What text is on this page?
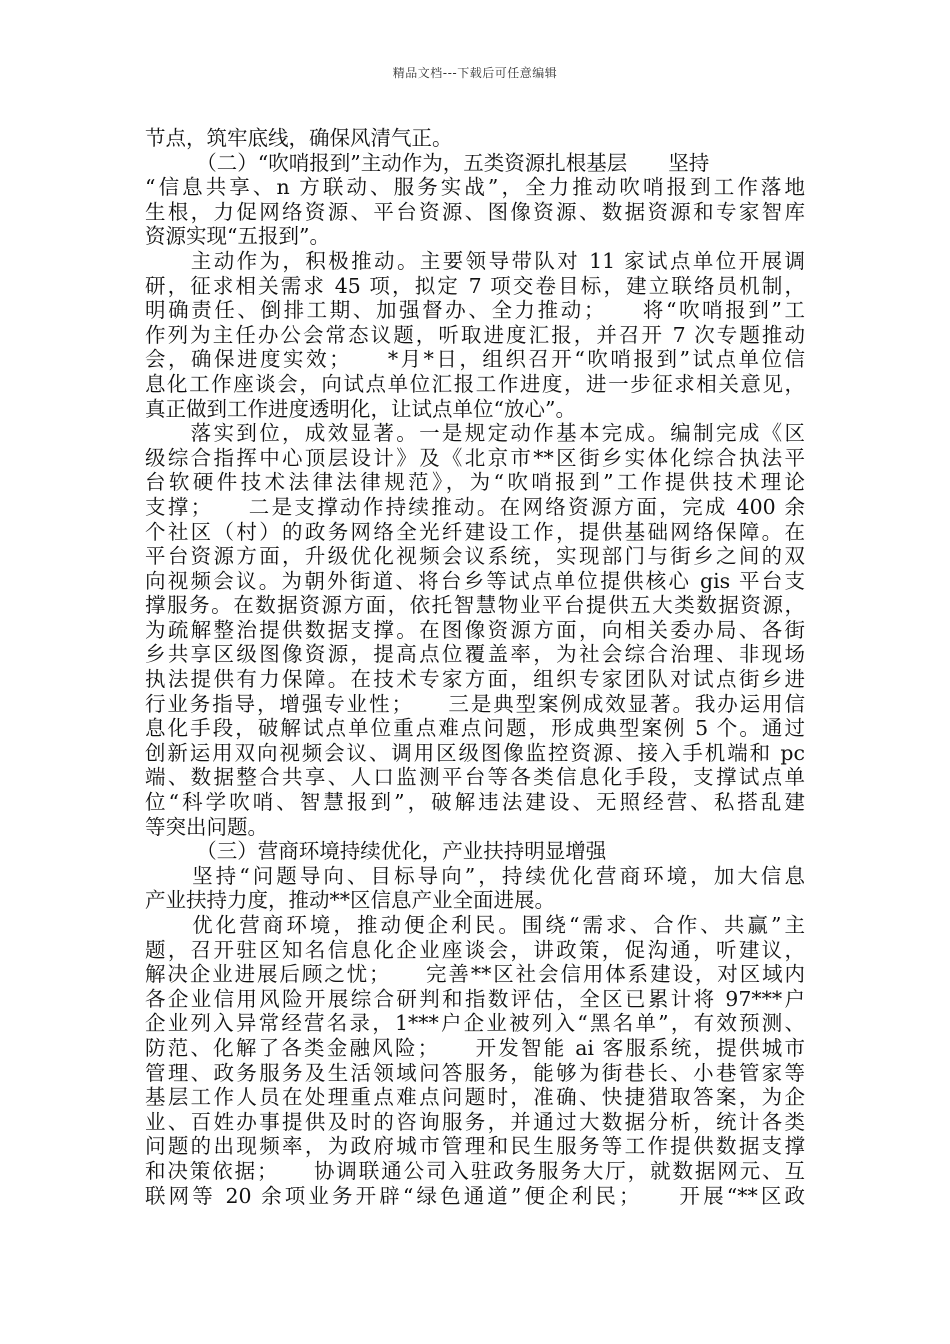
精品文档---下载后可任意编辑
节点，筑牢底线，确保风清气正。
　　　（二）“吹哨报到”主动作为，五类资源扎根基层　　坚持
“信息共享、n 方联动、服务实战”，全力推动吹哨报到工作落地
生根，力促网络资源、平台资源、图像资源、数据资源和专家智库
资源实现“五报到”。
　　主动作为，积极推动。主要领导带队对 11 家试点单位开展调
研，征求相关需求 45 项，拟定 7 项交卷目标，建立联络员机制，
明确责任、倒排工期、加强督办、全力推动；　　将“吹哨报到”工
作列为主任办公会常态议题，听取进度汇报，并召开 7 次专题推动
会，确保进度实效；　　*月*日，组织召开“吹哨报到”试点单位信
息化工作座谈会，向试点单位汇报工作进度，进一步征求相关意见，
真正做到工作进度透明化，让试点单位“放心”。
　　落实到位，成效显著。一是规定动作基本完成。编制完成《区
级综合指挥中心顶层设计》及《北京市**区街乡实体化综合执法平
台软硬件技术法律法律规范》，为“吹哨报到”工作提供技术理论
支撑；　　二是支撑动作持续推动。在网络资源方面，完成 400 余
个社区（村）的政务网络全光纤建设工作，提供基础网络保障。在
平台资源方面，升级优化视频会议系统，实现部门与街乡之间的双
向视频会议。为朝外街道、将台乡等试点单位提供核心 gis 平台支
撑服务。在数据资源方面，依托智慧物业平台提供五大类数据资源，
为疏解整治提供数据支撑。在图像资源方面，向相关委办局、各街
乡共享区级图像资源，提高点位覆盖率，为社会综合治理、非现场
执法提供有力保障。在技术专家方面，组织专家团队对试点街乡进
行业务指导，增强专业性；　　三是典型案例成效显著。我办运用信
息化手段，破解试点单位重点难点问题，形成典型案例 5 个。通过
创新运用双向视频会议、调用区级图像监控资源、接入手机端和 pc
端、数据整合共享、人口监测平台等各类信息化手段，支撑试点单
位“科学吹哨、智慧报到”，破解违法建设、无照经营、私搭乱建
等突出问题。
　　　（三）营商环境持续优化，产业扶持明显增强
　　坚持“问题导向、目标导向”，持续优化营商环境，加大信息
产业扶持力度，推动**区信息产业全面进展。
　　优化营商环境，推动便企利民。围绕“需求、合作、共赢”主
题，召开驻区知名信息化企业座谈会，讲政策，促沟通，听建议，
解决企业进展后顾之忧；　　完善**区社会信用体系建设，对区域内
各企业信用风险开展综合研判和指数评估，全区已累计将 97***户
企业列入异常经营名录，1***户企业被列入“黑名单”，有效预测、
防范、化解了各类金融风险；　　开发智能 ai 客服系统，提供城市
管理、政务服务及生活领域问答服务，能够为街巷长、小巷管家等
基层工作人员在处理重点难点问题时，准确、快捷猎取答案，为企
业、百姓办事提供及时的咨询服务，并通过大数据分析，统计各类
问题的出现频率，为政府城市管理和民生服务等工作提供数据支撑
和决策依据；　　协调联通公司入驻政务服务大厅，就数据网元、互
联网等 20 余项业务开辟“绿色通道”便企利民；　　开展“**区政
